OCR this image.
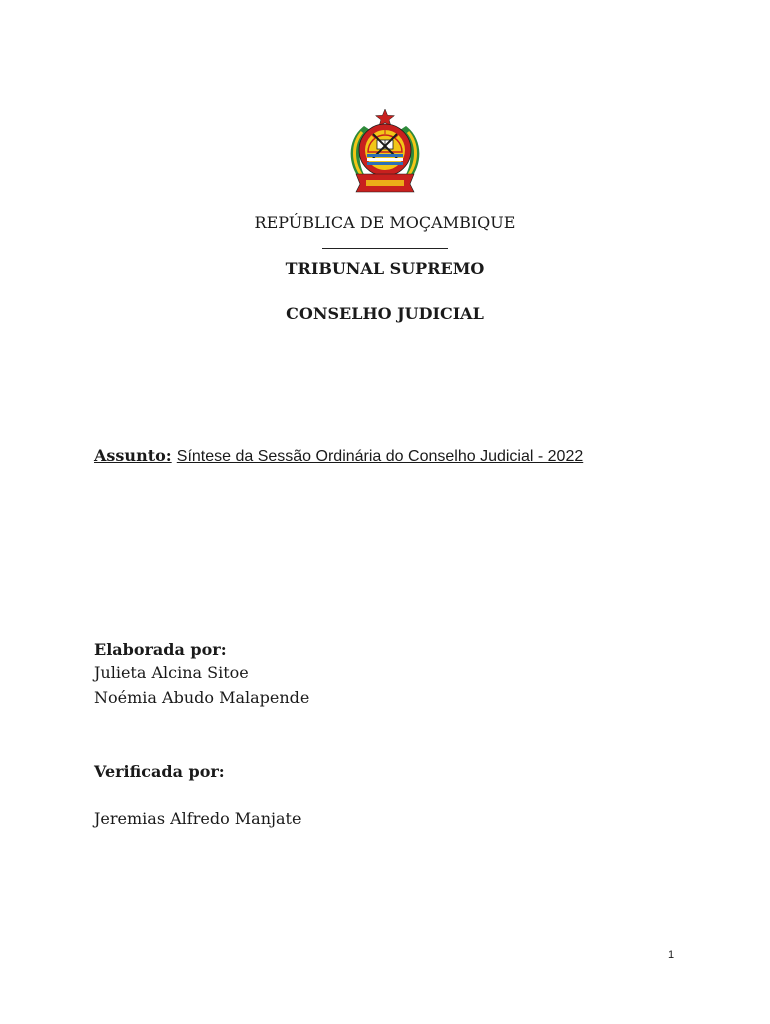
REPÚBLICA DE MOÇAMBIQUE
TRIBUNAL SUPREMO
CONSELHO JUDICIAL
Assunto: Síntese da Sessão Ordinária do Conselho Judicial - 2022
Elaborada por:
Julieta Alcina Sitoe
Noémia Abudo Malapende
Verificada por:
Jeremias Alfredo Manjate
1
